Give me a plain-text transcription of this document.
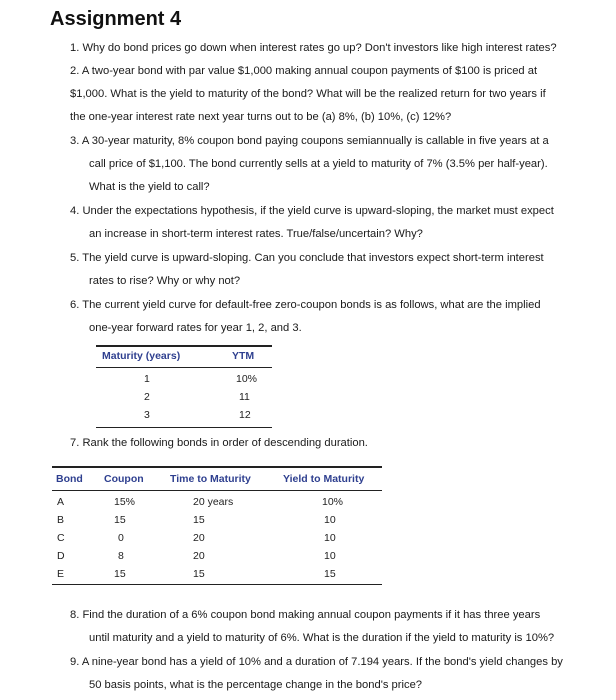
Assignment 4
1. Why do bond prices go down when interest rates go up? Don't investors like high interest rates?
2. A two-year bond with par value $1,000 making annual coupon payments of $100 is priced at
$1,000. What is the yield to maturity of the bond? What will be the realized return for two years if
the one-year interest rate next year turns out to be (a) 8%, (b) 10%, (c) 12%?
3. A 30-year maturity, 8% coupon bond paying coupons semiannually is callable in five years at a
call price of $1,100. The bond currently sells at a yield to maturity of 7% (3.5% per half-year).
What is the yield to call?
4. Under the expectations hypothesis, if the yield curve is upward-sloping, the market must expect
an increase in short-term interest rates. True/false/uncertain? Why?
5. The yield curve is upward-sloping. Can you conclude that investors expect short-term interest
rates to rise? Why or why not?
6. The current yield curve for default-free zero-coupon bonds is as follows, what are the implied
one-year forward rates for year 1, 2, and 3.
Maturity (years)	YTM
1	10%
2	11
3	12
7. Rank the following bonds in order of descending duration.
Bond Coupon	Time to Maturity	Yield to Maturity
A	15%	20 years	10%
B	15	15	10
C	0	20	10
D	8	20	10
E	15	15	15
8. Find the duration of a 6% coupon bond making annual coupon payments if it has three years
until maturity and a yield to maturity of 6%. What is the duration if the yield to maturity is 10%?
9. A nine-year bond has a yield of 10% and a duration of 7.194 years. If the bond's yield changes by
50 basis points, what is the percentage change in the bond's price?
